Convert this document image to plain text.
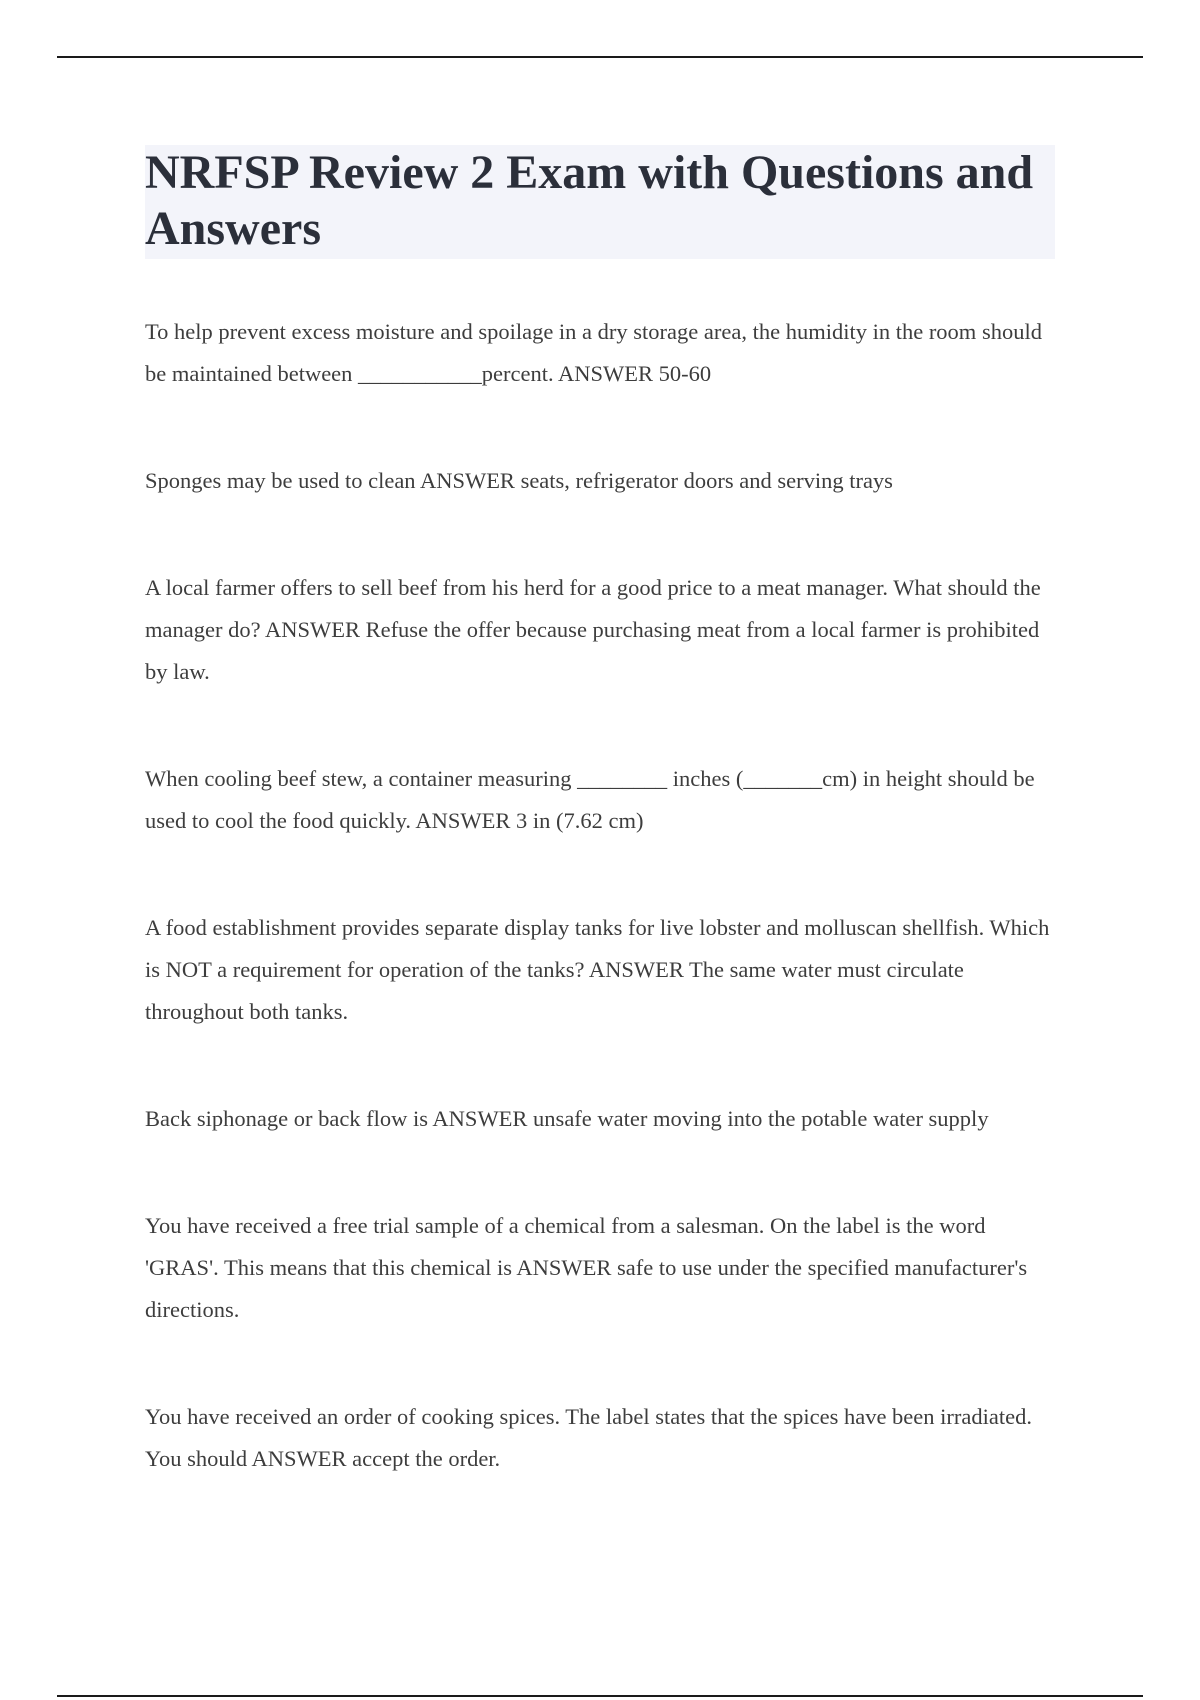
NRFSP Review 2 Exam with Questions and Answers

To help prevent excess moisture and spoilage in a dry storage area, the humidity in the room should be maintained between ___________percent. ANSWER 50-60

Sponges may be used to clean ANSWER seats, refrigerator doors and serving trays

A local farmer offers to sell beef from his herd for a good price to a meat manager. What should the manager do? ANSWER Refuse the offer because purchasing meat from a local farmer is prohibited by law.

When cooling beef stew, a container measuring ________ inches (_______cm) in height should be used to cool the food quickly. ANSWER 3 in (7.62 cm)

A food establishment provides separate display tanks for live lobster and molluscan shellfish. Which is NOT a requirement for operation of the tanks? ANSWER The same water must circulate throughout both tanks.

Back siphonage or back flow is ANSWER unsafe water moving into the potable water supply

You have received a free trial sample of a chemical from a salesman. On the label is the word 'GRAS'. This means that this chemical is ANSWER safe to use under the specified manufacturer's directions.

You have received an order of cooking spices. The label states that the spices have been irradiated. You should ANSWER accept the order.
